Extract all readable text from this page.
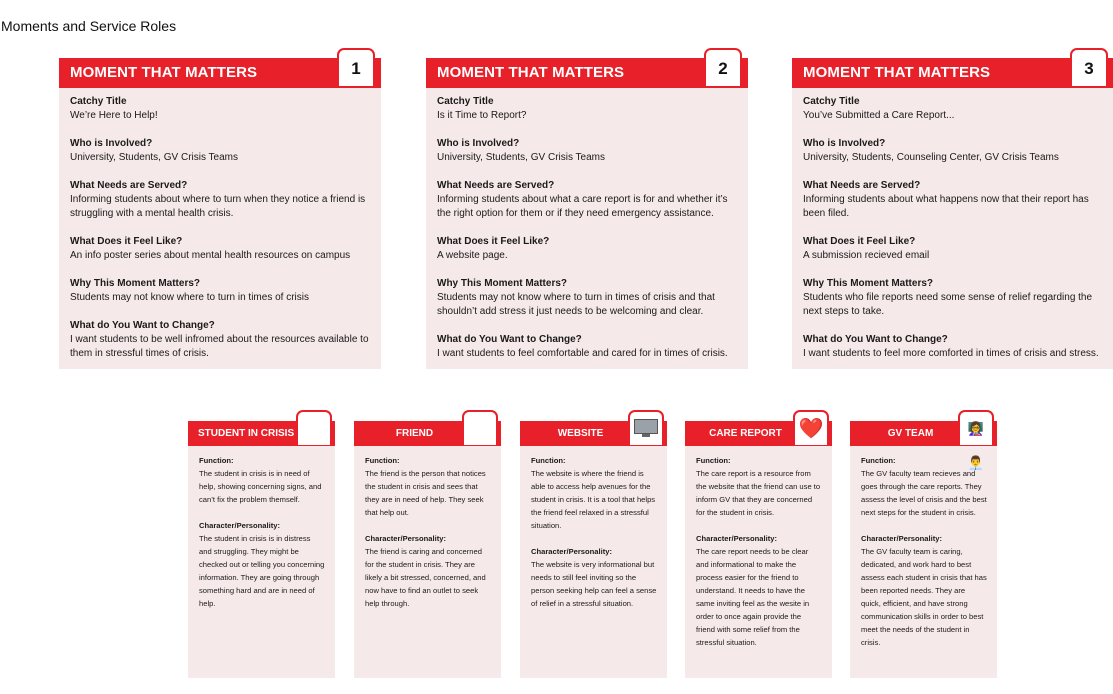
Moments and Service Roles
MOMENT THAT MATTERS	1
Catchy Title
We’re Here to Help!
Who is Involved?
University, Students, GV Crisis Teams
What Needs are Served?
Informing students about where to turn when they notice a friend is struggling with a mental health crisis.
What Does it Feel Like?
An info poster series about mental health resources on campus
Why This Moment Matters?
Students may not know where to turn in times of crisis
What do You Want to Change?
I want students to be well infromed about the resources available to them in stressful times of crisis.
MOMENT THAT MATTERS	2
Catchy Title
Is it Time to Report?
Who is Involved?
University, Students, GV Crisis Teams
What Needs are Served?
Informing students about what a care report is for and whether it’s the right option for them or if they need emergency assistance.
What Does it Feel Like?
A website page.
Why This Moment Matters?
Students may not know where to turn in times of crisis and that shouldn’t add stress it just needs to be welcoming and clear.
What do You Want to Change?
I want students to feel comfortable and cared for in times of crisis.
MOMENT THAT MATTERS	3
Catchy Title
You’ve Submitted a Care Report...
Who is Involved?
University, Students, Counseling Center, GV Crisis Teams
What Needs are Served?
Informing students about what happens now that their report has been filed.
What Does it Feel Like?
A submission recieved email
Why This Moment Matters?
Students who file reports need some sense of relief regarding the next steps to take.
What do You Want to Change?
I want students to feel more comforted in times of crisis and stress.
STUDENT IN CRISIS 😭
Function:
The student in crisis is in need of help, showing concerning signs, and can’t fix the problem themself.
Character/Personality:
The student in crisis is in distress and struggling. They might be checked out or telling you concerning information. They are going through something hard and are in need of help.
FRIEND	😊
Function:
The friend is the person that notices the student in crisis and sees that they are in need of help. They seek that help out.
Character/Personality:
The friend is caring and concerned for the student in crisis. They are likely a bit stressed, concerned, and now have to find an outlet to seek help through.
WEBSITE
Function:
The website is where the friend is able to access help avenues for the student in crisis. It is a tool that helps the friend feel relaxed in a stressful situation.
Character/Personality:
The website is very informational but needs to still feel inviting so the person seeking help can feel a sense of relief in a stressful situation.
CARE REPORT ❤️
Function:
The care report is a resource from the website that the friend can use to inform GV that they are concerned for the student in crisis.
Character/Personality:
The care report needs to be clear and informational to make the process easier for the friend to understand. It needs to have the same inviting feel as the wesite in order to once again provide the friend with some relief from the stressful situation.
GV TEAM	👩‍🏫👨‍💼
Function:
The GV faculty team recieves and goes through the care reports. They assess the level of crisis and the best next steps for the student in crisis.
Character/Personality:
The GV faculty team is caring, dedicated, and work hard to best assess each student in crisis that has been reported needs. They are quick, efficient, and have strong communication skills in order to best meet the needs of the student in crisis.
